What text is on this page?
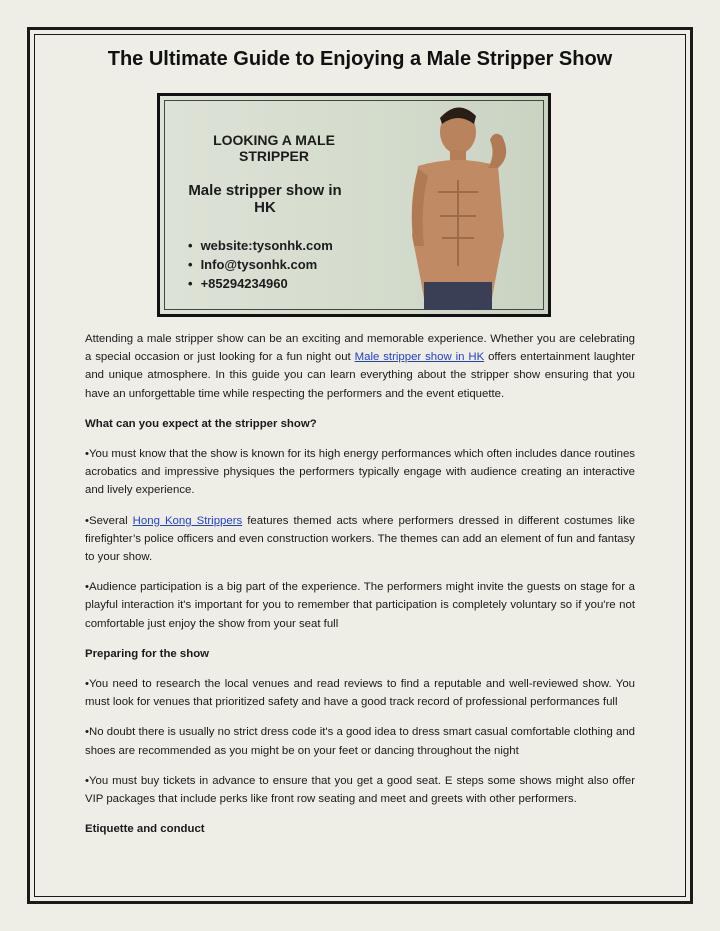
The Ultimate Guide to Enjoying a Male Stripper Show
LOOKING A MALE STRIPPER
Male stripper show in HK
• website:tysonhk.com
• Info@tysonhk.com
• +85294234960

Attending a male stripper show can be an exciting and memorable experience. Whether you are celebrating a special occasion or just looking for a fun night out Male stripper show in HK offers entertainment laughter and unique atmosphere. In this guide you can learn everything about the stripper show ensuring that you have an unforgettable time while respecting the performers and the event etiquette.

What can you expect at the stripper show?

•You must know that the show is known for its high energy performances which often includes dance routines acrobatics and impressive physiques the performers typically engage with audience creating an interactive and lively experience.

•Several Hong Kong Strippers features themed acts where performers dressed in different costumes like firefighter’s police officers and even construction workers. The themes can add an element of fun and fantasy to your show.

•Audience participation is a big part of the experience. The performers might invite the guests on stage for a playful interaction it's important for you to remember that participation is completely voluntary so if you're not comfortable just enjoy the show from your seat full

Preparing for the show

•You need to research the local venues and read reviews to find a reputable and well-reviewed show. You must look for venues that prioritized safety and have a good track record of professional performances full

•No doubt there is usually no strict dress code it's a good idea to dress smart casual comfortable clothing and shoes are recommended as you might be on your feet or dancing throughout the night

•You must buy tickets in advance to ensure that you get a good seat. E steps some shows might also offer VIP packages that include perks like front row seating and meet and greets with other performers.

Etiquette and conduct
